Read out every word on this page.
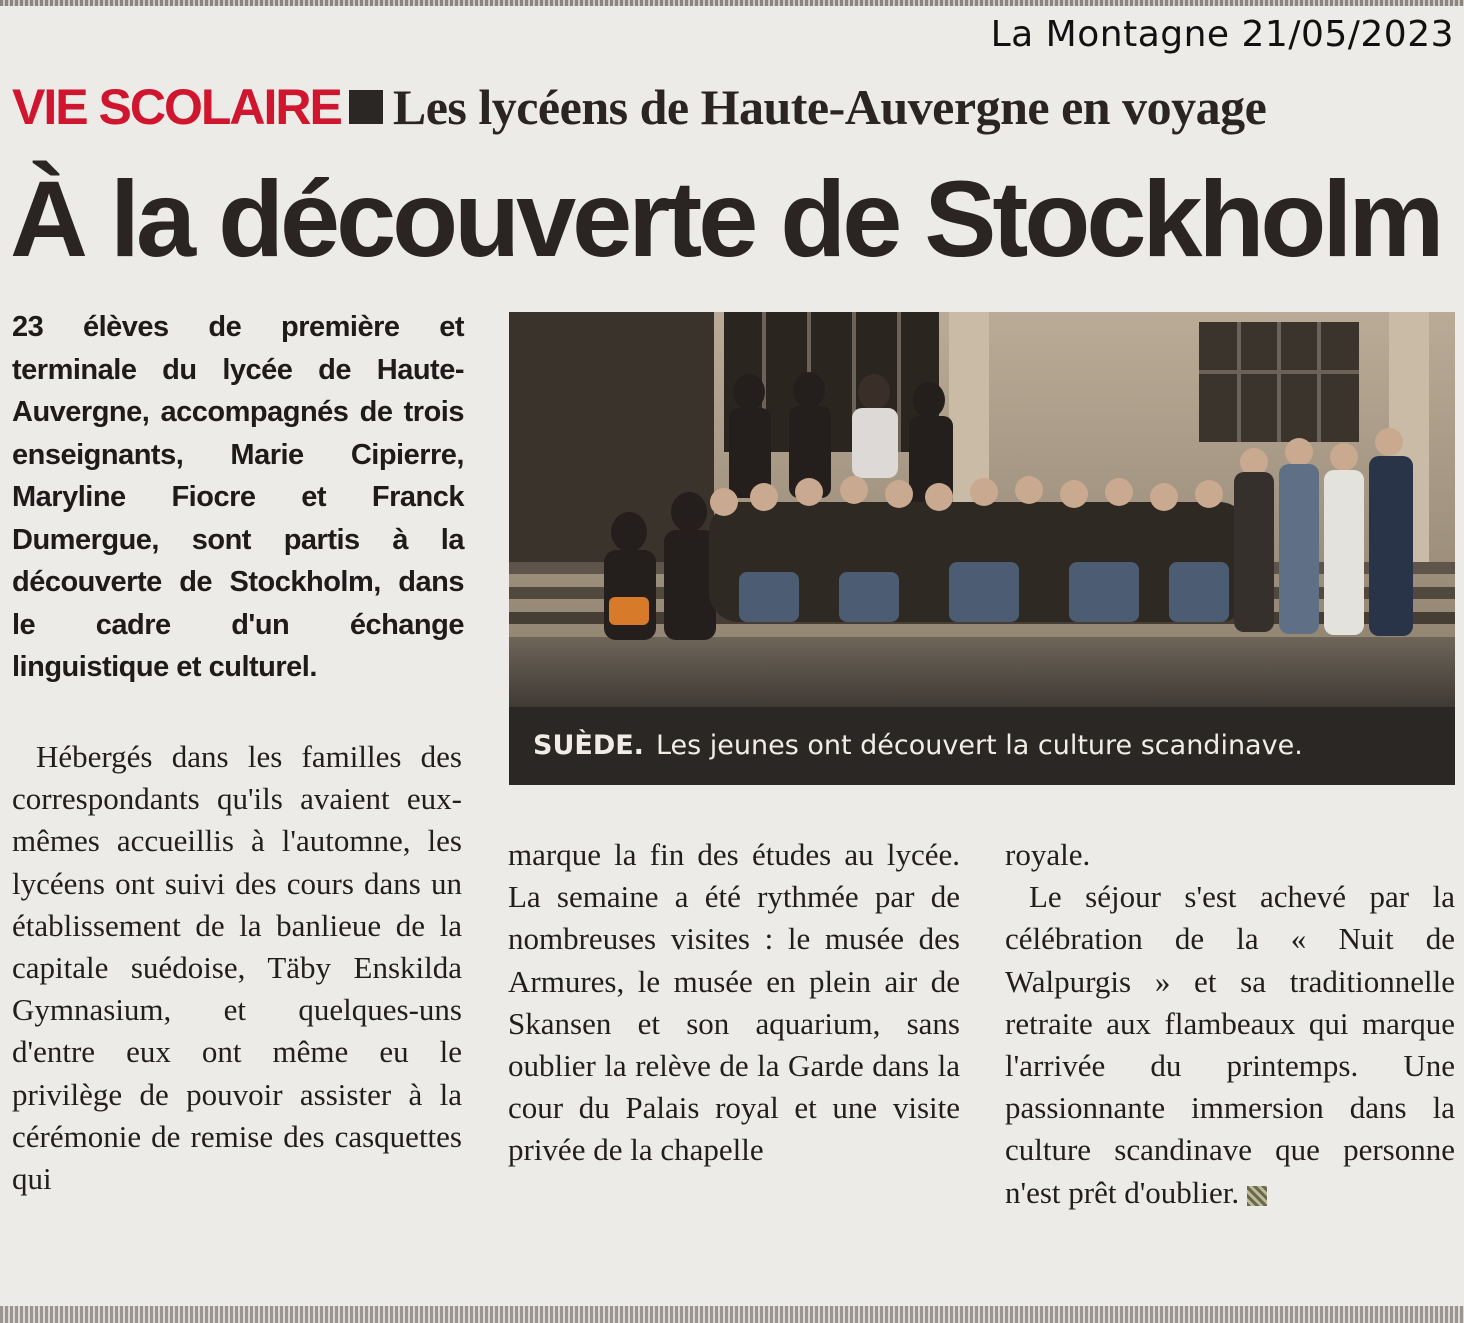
La Montagne 21/05/2023
VIE SCOLAIRE Les lycéens de Haute-Auvergne en voyage
À la découverte de Stockholm
23 élèves de première et terminale du lycée de Haute-Auvergne, accompagnés de trois enseignants, Marie Cipierre, Maryline Fiocre et Franck Dumergue, sont partis à la découverte de Stockholm, dans le cadre d'un échange linguistique et culturel.
SUÈDE. Les jeunes ont découvert la culture scandinave.
Hébergés dans les familles des correspondants qu'ils avaient eux-mêmes accueillis à l'automne, les lycéens ont suivi des cours dans un établissement de la banlieue de la capitale suédoise, Täby Enskilda Gymnasium, et quelques-uns d'entre eux ont même eu le privilège de pouvoir assister à la cérémonie de remise des casquettes qui
marque la fin des études au lycée. La semaine a été rythmée par de nombreuses visites : le musée des Armures, le musée en plein air de Skansen et son aquarium, sans oublier la relève de la Garde dans la cour du Palais royal et une visite privée de la chapelle
royale.
Le séjour s'est achevé par la célébration de la « Nuit de Walpurgis » et sa traditionnelle retraite aux flambeaux qui marque l'arrivée du printemps. Une passionnante immersion dans la culture scandinave que personne n'est prêt d'oublier.
